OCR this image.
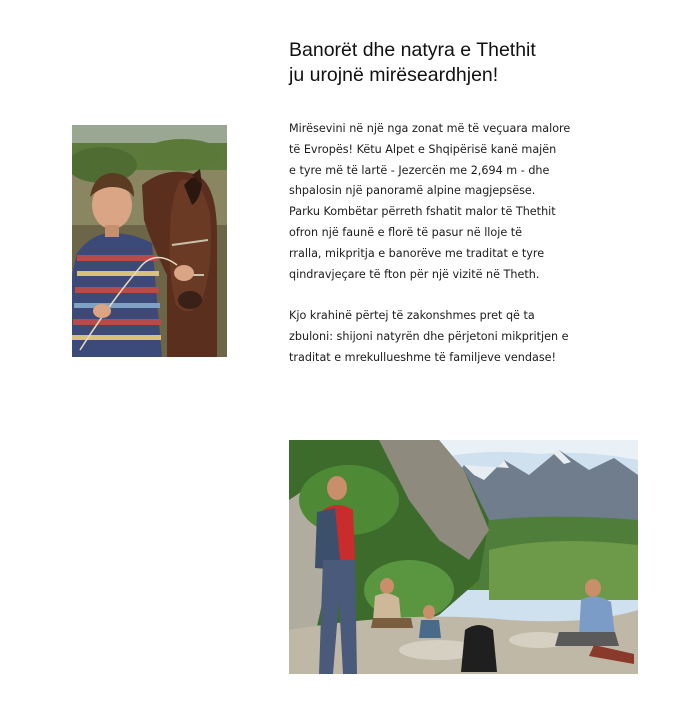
Banorët dhe natyra e Thethit
ju urojnë mirëseardhjen!
Mirësevini në një nga zonat më të veçuara malore
të Evropës! Këtu Alpet e Shqipërisë kanë majën
e tyre më të lartë - Jezercën me 2,694 m - dhe
shpalosin një panoramë alpine magjepsëse.
Parku Kombëtar përreth fshatit malor të Thethit
ofron një faunë e florë të pasur në lloje të
rralla, mikpritja e banorëve me traditat e tyre
qindravjeçare të fton për një vizitë në Theth.
Kjo krahinë përtej të zakonshmes pret që ta
zbuloni: shijoni natyrën dhe përjetoni mikpritjen e
traditat e mrekullueshme të familjeve vendase!
